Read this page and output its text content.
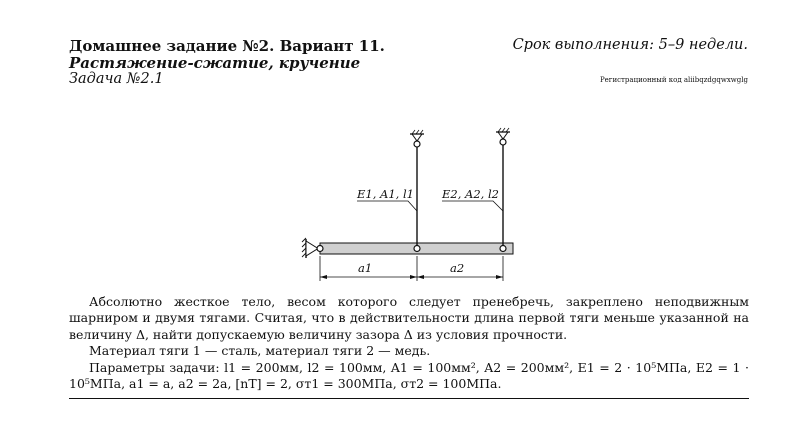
Домашнее задание №2. Вариант 11.
Растяжение-сжатие, кручение
Задача №2.1
Срок выполнения: 5–9 недели.
Регистрационный код aliibqzdgqwxwglg
E1, A1, l1 E2, A2, l2
a1	a2

Абсолютно жесткое тело, весом которого следует пренебречь, закреплено неподвижным шарниром и двумя тягами. Считая, что в действительности длина первой тяги меньше указанной на величину Δ, найти допускаемую величину зазора Δ из условия прочности.

Материал тяги 1 — сталь, материал тяги 2 — медь.

Параметры задачи: l1 = 200мм, l2 = 100мм, A1 = 100мм², A2 = 200мм², E1 = 2 · 10⁵МПа, E2 = 1 · 10⁵МПа, a1 = a, a2 = 2a, [nT] = 2, σт1 = 300МПа, σт2 = 100МПа.
